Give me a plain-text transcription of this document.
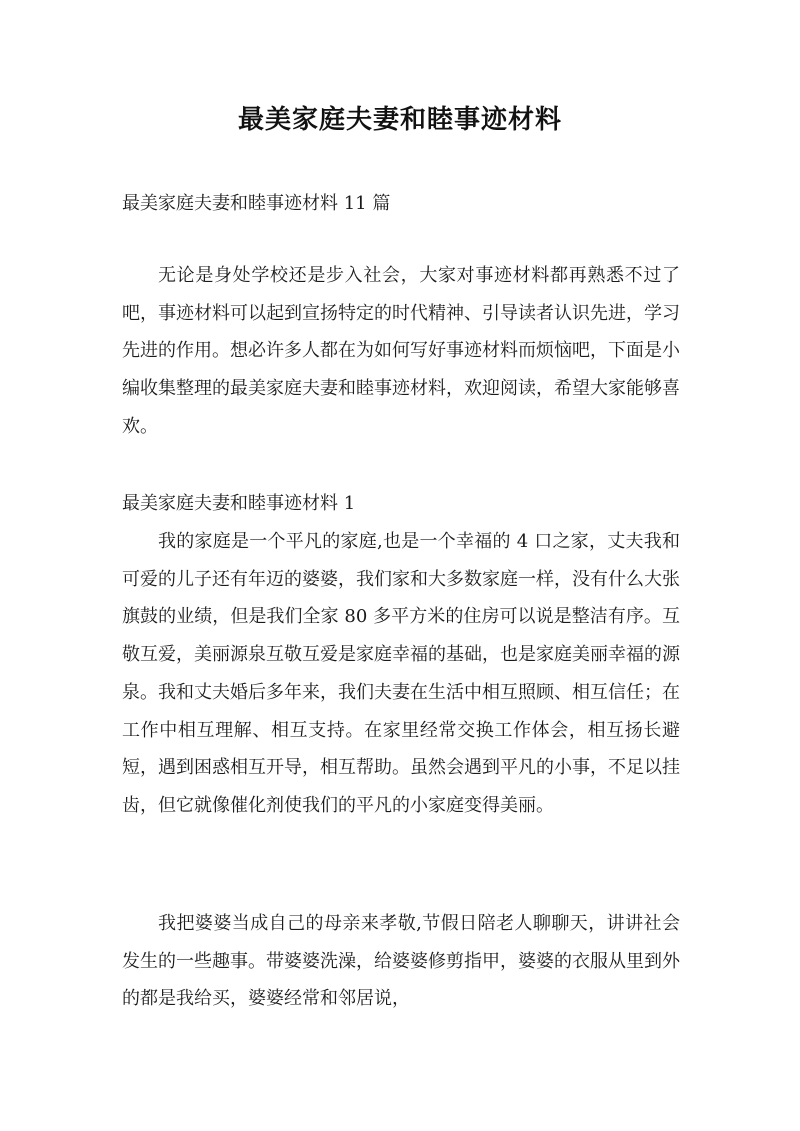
最美家庭夫妻和睦事迹材料
最美家庭夫妻和睦事迹材料 11 篇

无论是身处学校还是步入社会，大家对事迹材料都再熟悉不过了吧，事迹材料可以起到宣扬特定的时代精神、引导读者认识先进，学习先进的作用。想必许多人都在为如何写好事迹材料而烦恼吧，下面是小编收集整理的最美家庭夫妻和睦事迹材料，欢迎阅读，希望大家能够喜欢。

最美家庭夫妻和睦事迹材料 1

我的家庭是一个平凡的家庭,也是一个幸福的 4 口之家，丈夫我和可爱的儿子还有年迈的婆婆，我们家和大多数家庭一样，没有什么大张旗鼓的业绩，但是我们全家 80 多平方米的住房可以说是整洁有序。互敬互爱，美丽源泉互敬互爱是家庭幸福的基础，也是家庭美丽幸福的源泉。我和丈夫婚后多年来，我们夫妻在生活中相互照顾、相互信任；在工作中相互理解、相互支持。在家里经常交换工作体会，相互扬长避短，遇到困惑相互开导，相互帮助。虽然会遇到平凡的小事，不足以挂齿，但它就像催化剂使我们的平凡的小家庭变得美丽。

我把婆婆当成自己的母亲来孝敬,节假日陪老人聊聊天，讲讲社会发生的一些趣事。带婆婆洗澡，给婆婆修剪指甲，婆婆的衣服从里到外的都是我给买，婆婆经常和邻居说，
